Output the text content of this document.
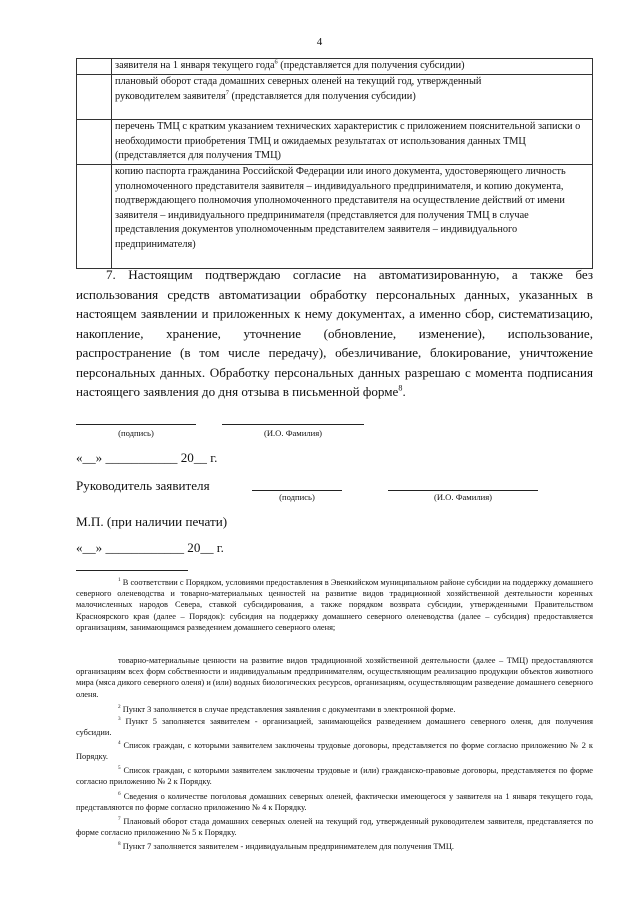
4
	заявителя на 1 января текущего года$^6$ (представляется для получения субсидии)
	плановый оборот стада домашних северных оленей на текущий год, утвержденный руководителем заявителя$^7$ (представляется для получения субсидии)
	перечень ТМЦ с кратким указанием технических характеристик с приложением пояснительной записки о необходимости приобретения ТМЦ и ожидаемых результатах от использования данных ТМЦ (представляется для получения ТМЦ)
	копию паспорта гражданина Российской Федерации или иного документа, удостоверяющего личность уполномоченного представителя заявителя – индивидуального предпринимателя, и копию документа, подтверждающего полномочия уполномоченного представителя на осуществление действий от имени заявителя – индивидуального предпринимателя (представляется для получения ТМЦ в случае представления документов уполномоченным представителем заявителя – индивидуального предпринимателя)

7. Настоящим подтверждаю согласие на автоматизированную, а также без использования средств автоматизации обработку персональных данных, указанных в настоящем заявлении и приложенных к нему документах, а именно сбор, систематизацию, накопление, хранение, уточнение (обновление, изменение), использование, распространение (в том числе передачу), обезличивание, блокирование, уничтожение персональных данных. Обработку персональных данных разрешаю с момента подписания настоящего заявления до дня отзыва в письменной форме$^8$.

(подпись)	(И.О. Фамилия)
«__» ___________ 20__ г.
Руководитель заявителя
(подпись)	(И.О. Фамилия)
М.П. (при наличии печати)
«__» ____________ 20__ г.

$^1$ В соответствии с Порядком, условиями предоставления в Эвенкийском муниципальном районе субсидии на поддержку домашнего северного оленеводства и товарно-материальных ценностей на развитие видов традиционной хозяйственной деятельности коренных малочисленных народов Севера, ставкой субсидирования, а также порядком возврата субсидии, утвержденными Правительством Красноярского края (далее – Порядок): субсидия на поддержку домашнего северного оленеводства (далее – субсидия) предоставляется организациям, занимающимся разведением домашнего северного оленя;

товарно-материальные ценности на развитие видов традиционной хозяйственной деятельности (далее – ТМЦ) предоставляются организациям всех форм собственности и индивидуальным предпринимателям, осуществляющим реализацию продукции объектов животного мира (мяса дикого северного оленя) и (или) водных биологических ресурсов, организациям, осуществляющим разведение домашнего северного оленя.

$^2$ Пункт 3 заполняется в случае представления заявления с документами в электронной форме.

$^3$ Пункт 5 заполняется заявителем - организацией, занимающейся разведением домашнего северного оленя, для получения субсидии.

$^4$ Список граждан, с которыми заявителем заключены трудовые договоры, представляется по форме согласно приложению № 2 к Порядку.

$^5$ Список граждан, с которыми заявителем заключены трудовые и (или) гражданско-правовые договоры, представляется по форме согласно приложению № 2 к Порядку.

$^6$ Сведения о количестве поголовья домашних северных оленей, фактически имеющегося у заявителя на 1 января текущего года, представляются по форме согласно приложению № 4 к Порядку.

$^7$ Плановый оборот стада домашних северных оленей на текущий год, утвержденный руководителем заявителя, представляется по форме согласно приложению № 5 к Порядку.

$^8$ Пункт 7 заполняется заявителем - индивидуальным предпринимателем для получения ТМЦ.
